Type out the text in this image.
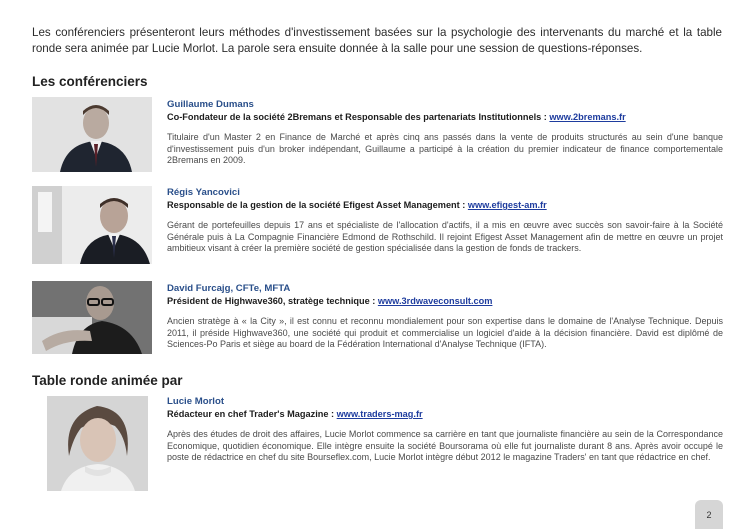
Les conférenciers présenteront leurs méthodes d'investissement basées sur la psychologie des intervenants du marché et la table ronde sera animée par Lucie Morlot. La parole sera ensuite donnée à la salle pour une session de questions-réponses.

Les conférenciers
Guillaume Dumans
Co-Fondateur de la société 2Bremans et Responsable des partenariats Institutionnels : www.2bremans.fr
Titulaire d'un Master 2 en Finance de Marché et après cinq ans passés dans la vente de produits structurés au sein d'une banque d'investissement puis d'un broker indépendant, Guillaume a participé à la création du premier indicateur de finance comportementale 2Bremans en 2009.
Régis Yancovici
Responsable de la gestion de la société Efigest Asset Management : www.efigest-am.fr
Gérant de portefeuilles depuis 17 ans et spécialiste de l'allocation d'actifs, il a mis en œuvre avec succès son savoir-faire à la Société Générale puis à La Compagnie Financière Edmond de Rothschild. Il rejoint Efigest Asset Management afin de mettre en œuvre un projet ambitieux visant à créer la première société de gestion spécialisée dans la gestion de fonds de trackers.
David Furcajg, CFTe, MFTA
Président de Highwave360, stratège technique : www.3rdwaveconsult.com
Ancien stratège à « la City », il est connu et reconnu mondialement pour son expertise dans le domaine de l'Analyse Technique. Depuis 2011, il préside Highwave360, une société qui produit et commercialise un logiciel d'aide à la décision financière. David est diplômé de Sciences-Po Paris et siège au board de la Fédération International d'Analyse Technique (IFTA).
Table ronde animée par
Lucie Morlot
Rédacteur en chef Trader's Magazine : www.traders-mag.fr
Après des études de droit des affaires, Lucie Morlot commence sa carrière en tant que journaliste financière au sein de la Correspondance Economique, quotidien économique. Elle intègre ensuite la société Boursorama où elle fut journaliste durant 8 ans. Après avoir occupé le poste de rédactrice en chef du site Bourseflex.com, Lucie Morlot intègre début 2012 le magazine Traders' en tant que rédactrice en chef.
2
